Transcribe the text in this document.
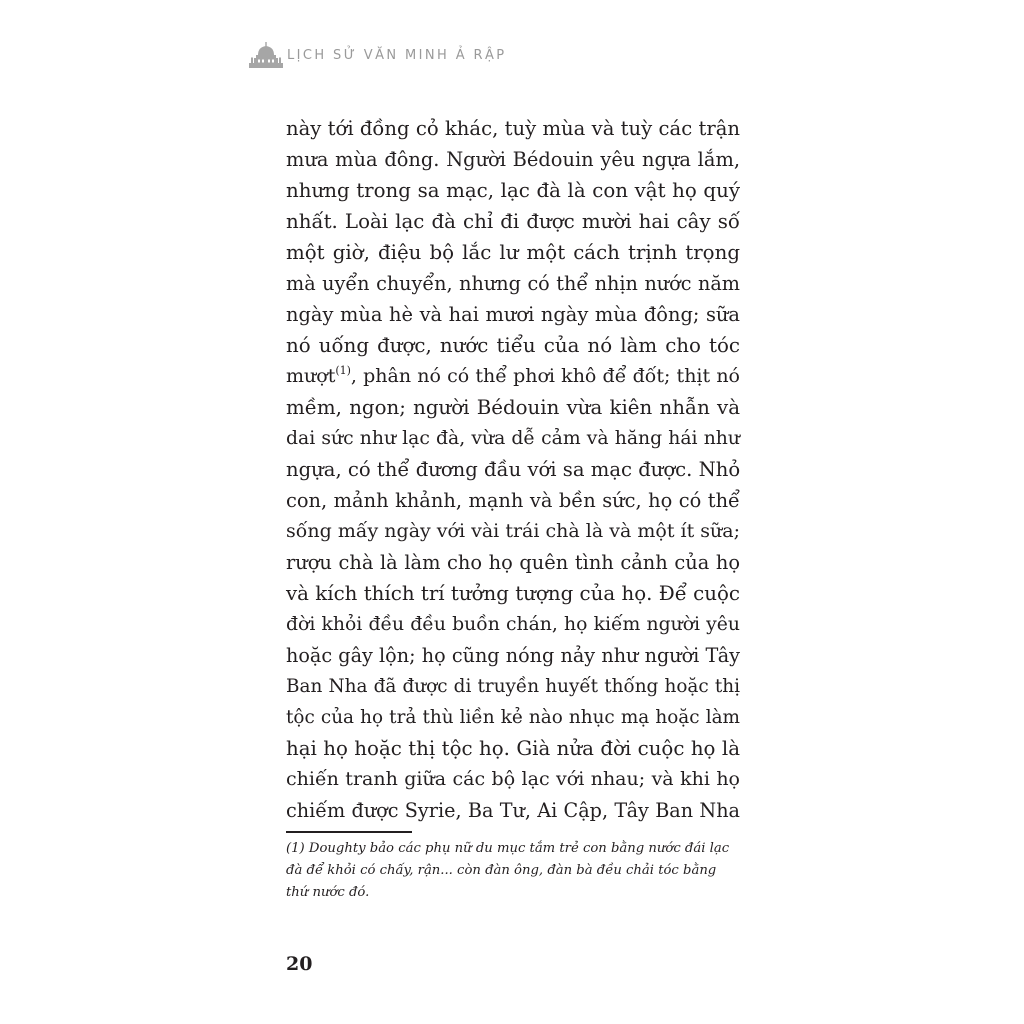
LỊCH SỬ VĂN MINH Ả RẬP
này tới đồng cỏ khác, tuỳ mùa và tuỳ các trận
mưa mùa đông. Người Bédouin yêu ngựa lắm,
nhưng trong sa mạc, lạc đà là con vật họ quý
nhất. Loài lạc đà chỉ đi được mười hai cây số
một giờ, điệu bộ lắc lư một cách trịnh trọng
mà uyển chuyển, nhưng có thể nhịn nước năm
ngày mùa hè và hai mươi ngày mùa đông; sữa
nó uống được, nước tiểu của nó làm cho tóc
mượt$^{(1)}$, phân nó có thể phơi khô để đốt; thịt nó
mềm, ngon; người Bédouin vừa kiên nhẫn và
dai sức như lạc đà, vừa dễ cảm và hăng hái như
ngựa, có thể đương đầu với sa mạc được. Nhỏ
con, mảnh khảnh, mạnh và bền sức, họ có thể
sống mấy ngày với vài trái chà là và một ít sữa;
rượu chà là làm cho họ quên tình cảnh của họ
và kích thích trí tưởng tượng của họ. Để cuộc
đời khỏi đều đều buồn chán, họ kiếm người yêu
hoặc gây lộn; họ cũng nóng nảy như người Tây
Ban Nha đã được di truyền huyết thống hoặc thị
tộc của họ trả thù liền kẻ nào nhục mạ hoặc làm
hại họ hoặc thị tộc họ. Già nửa đời cuộc họ là
chiến tranh giữa các bộ lạc với nhau; và khi họ
chiếm được Syrie, Ba Tư, Ai Cập, Tây Ban Nha
(1) Doughty bảo các phụ nữ du mục tắm trẻ con bằng nước đái lạc
đà để khỏi có chấy, rận... còn đàn ông, đàn bà đều chải tóc bằng
thứ nước đó.
20
